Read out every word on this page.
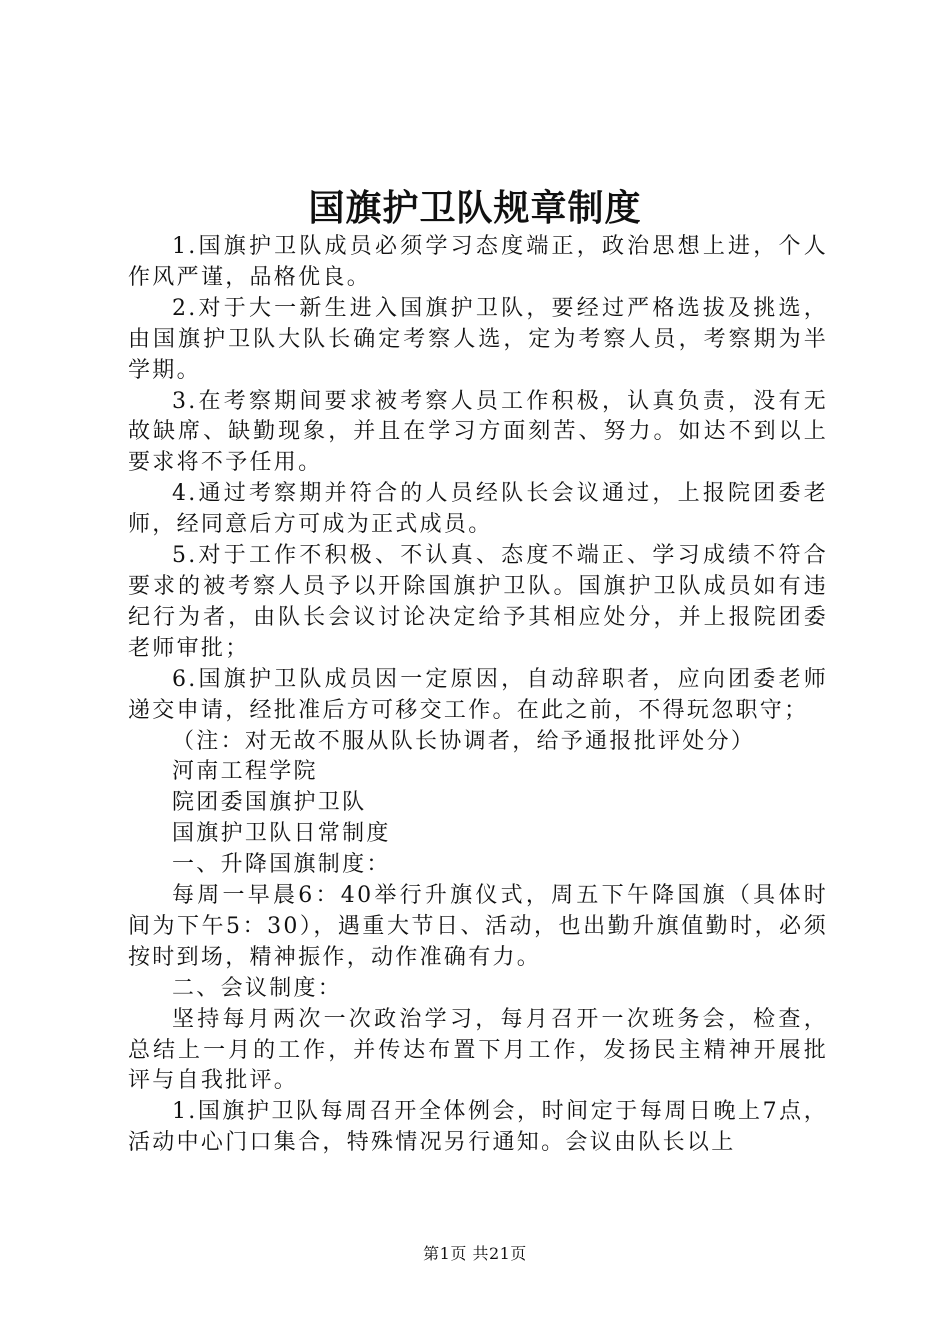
国旗护卫队规章制度

1.国旗护卫队成员必须学习态度端正，政治思想上进，个人作风严谨，品格优良。

2.对于大一新生进入国旗护卫队，要经过严格选拔及挑选，由国旗护卫队大队长确定考察人选，定为考察人员，考察期为半学期。

3.在考察期间要求被考察人员工作积极，认真负责，没有无故缺席、缺勤现象，并且在学习方面刻苦、努力。如达不到以上要求将不予任用。

4.通过考察期并符合的人员经队长会议通过，上报院团委老师，经同意后方可成为正式成员。

5.对于工作不积极、不认真、态度不端正、学习成绩不符合要求的被考察人员予以开除国旗护卫队。国旗护卫队成员如有违纪行为者，由队长会议讨论决定给予其相应处分，并上报院团委老师审批；

6.国旗护卫队成员因一定原因，自动辞职者，应向团委老师递交申请，经批准后方可移交工作。在此之前，不得玩忽职守；

（注：对无故不服从队长协调者，给予通报批评处分）

河南工程学院

院团委国旗护卫队

国旗护卫队日常制度

一、升降国旗制度：

每周一早晨6：40举行升旗仪式，周五下午降国旗（具体时间为下午5：30），遇重大节日、活动，也出勤升旗值勤时，必须按时到场，精神振作，动作准确有力。

二、会议制度：

坚持每月两次一次政治学习，每月召开一次班务会，检查，总结上一月的工作，并传达布置下月工作，发扬民主精神开展批评与自我批评。

1.国旗护卫队每周召开全体例会，时间定于每周日晚上7点，活动中心门口集合，特殊情况另行通知。会议由队长以上

第1页 共21页
